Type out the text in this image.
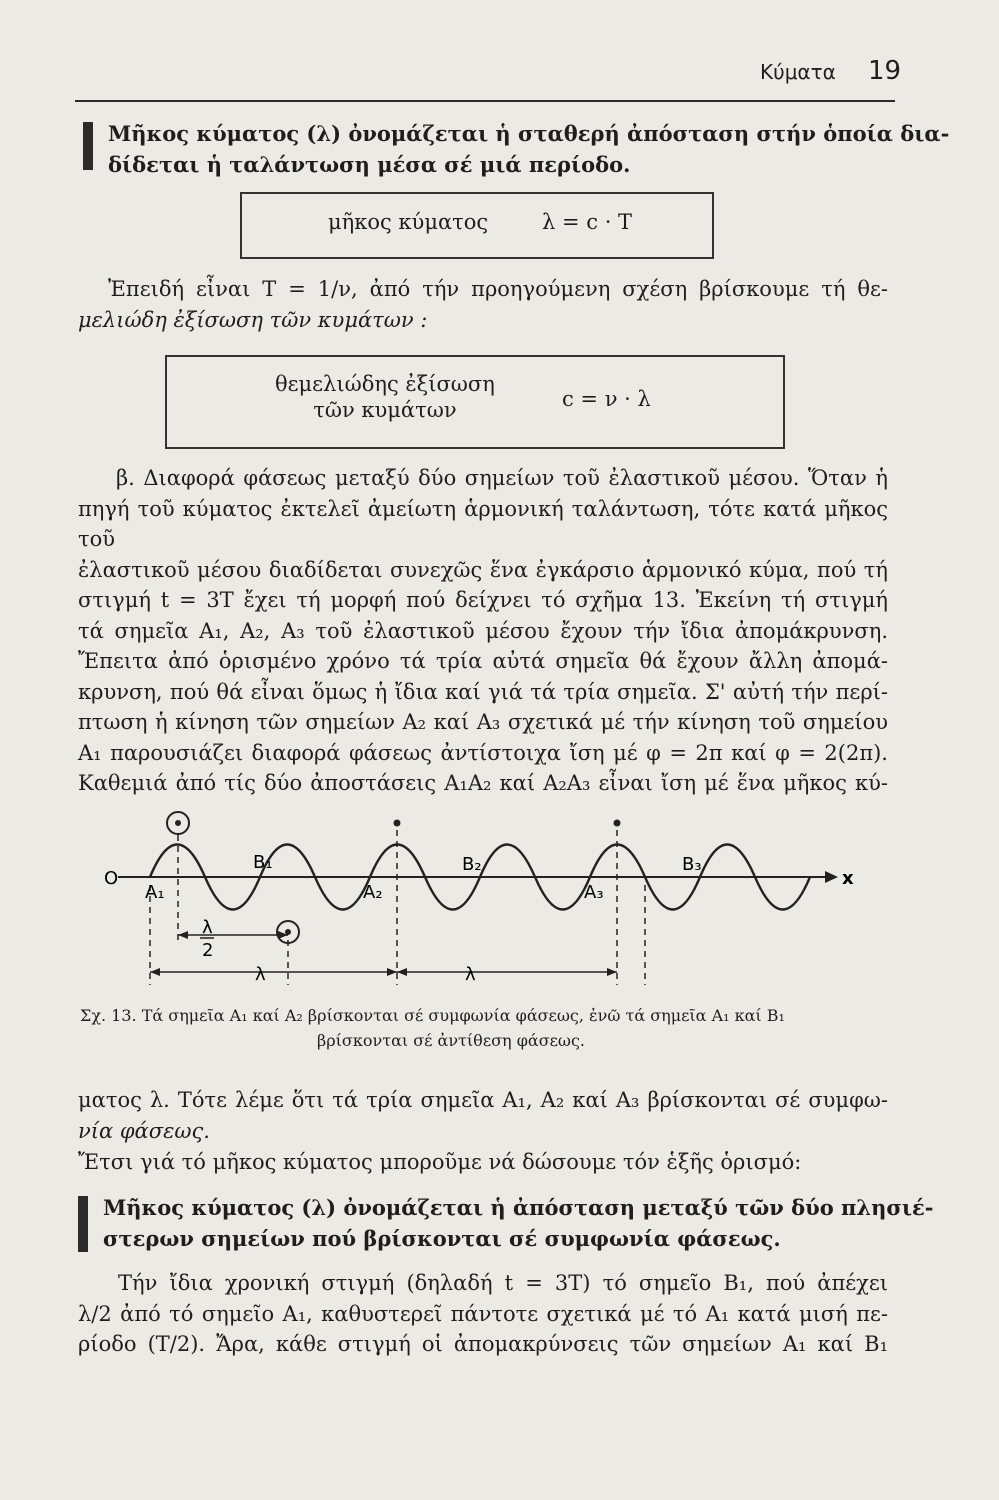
Κύματα 19
Μῆκος κύματος (λ) ὀνομάζεται ἡ σταθερή ἀπόσταση στήν ὁποία δια-
δίδεται ἡ ταλάντωση μέσα σέ μιά περίοδο.
μῆκος κύματος	λ = c · T
Ἐπειδή εἶναι Τ = 1/ν, ἀπό τήν προηγούμενη σχέση βρίσκουμε τή θε-
μελιώδη ἐξίσωση τῶν κυμάτων :
θεμελιώδης ἐξίσωση
τῶν κυμάτων	c = ν · λ
β. Διαφορά φάσεως μεταξύ δύο σημείων τοῦ ἐλαστικοῦ μέσου. Ὅταν ἡ
πηγή τοῦ κύματος ἐκτελεῖ ἀμείωτη ἁρμονική ταλάντωση, τότε κατά μῆκος τοῦ
ἐλαστικοῦ μέσου διαδίδεται συνεχῶς ἕνα ἐγκάρσιο ἁρμονικό κύμα, πού τή
στιγμή t = 3T ἔχει τή μορφή πού δείχνει τό σχῆμα 13. Ἐκείνη τή στιγμή
τά σημεῖα A₁, A₂, A₃ τοῦ ἐλαστικοῦ μέσου ἔχουν τήν ἴδια ἀπομάκρυνση.
Ἔπειτα ἀπό ὁρισμένο χρόνο τά τρία αὐτά σημεῖα θά ἔχουν ἄλλη ἀπομά-
κρυνση, πού θά εἶναι ὅμως ἡ ἴδια καί γιά τά τρία σημεῖα. Σ' αὐτή τήν περί-
πτωση ἡ κίνηση τῶν σημείων A₂ καί A₃ σχετικά μέ τήν κίνηση τοῦ σημείου
A₁ παρουσιάζει διαφορά φάσεως ἀντίστοιχα ἴση μέ φ = 2π καί φ = 2(2π).
Καθεμιά ἀπό τίς δύο ἀποστάσεις A₁A₂ καί A₂A₃ εἶναι ἴση μέ ἕνα μῆκος κύ-
O	x
A₁	A₂	A₃
B₁	B₂	B₃
λ
2
λ	λ
Σχ. 13. Τά σημεῖα A₁ καί A₂ βρίσκονται σέ συμφωνία φάσεως, ἐνῶ τά σημεῖα A₁ καί B₁
βρίσκονται σέ ἀντίθεση φάσεως.
ματος λ. Τότε λέμε ὅτι τά τρία σημεῖα A₁, A₂ καί A₃ βρίσκονται σέ συμφω-
νία φάσεως.
Ἔτσι γιά τό μῆκος κύματος μποροῦμε νά δώσουμε τόν ἑξῆς ὁρισμό:
Μῆκος κύματος (λ) ὀνομάζεται ἡ ἀπόσταση μεταξύ τῶν δύο πλησιέ-
στερων σημείων πού βρίσκονται σέ συμφωνία φάσεως.
Τήν ἴδια χρονική στιγμή (δηλαδή t = 3T) τό σημεῖο B₁, πού ἀπέχει
λ/2 ἀπό τό σημεῖο A₁, καθυστερεῖ πάντοτε σχετικά μέ τό A₁ κατά μισή πε-
ρίοδο (T/2). Ἄρα, κάθε στιγμή οἱ ἀπομακρύνσεις τῶν σημείων A₁ καί B₁
